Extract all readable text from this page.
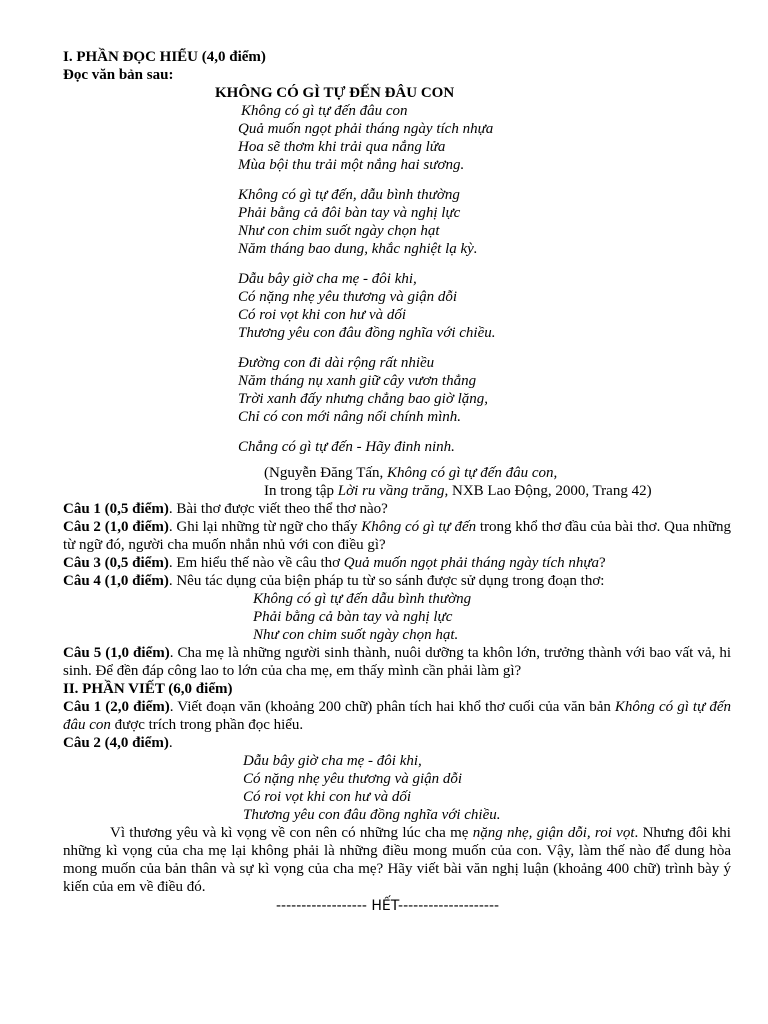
I. PHẦN ĐỌC HIỂU (4,0 điểm)
Đọc văn bản sau:
KHÔNG CÓ GÌ TỰ ĐẾN ĐÂU CON
Không có gì tự đến đâu con
Quả muốn ngọt phải tháng ngày tích nhựa
Hoa sẽ thơm khi trải qua nắng lửa
Mùa bội thu trải một nắng hai sương.
Không có gì tự đến, dẫu bình thường
Phải bằng cả đôi bàn tay và nghị lực
Như con chim suốt ngày chọn hạt
Năm tháng bao dung, khắc nghiệt lạ kỳ.
Dẫu bây giờ cha mẹ - đôi khi,
Có nặng nhẹ yêu thương và giận dỗi
Có roi vọt khi con hư và dối
Thương yêu con đâu đồng nghĩa với chiều.
Đường con đi dài rộng rất nhiều
Năm tháng nụ xanh giữ cây vươn thẳng
Trời xanh đấy nhưng chẳng bao giờ lặng,
Chỉ có con mới nâng nổi chính mình.
Chẳng có gì tự đến - Hãy đinh ninh.
(Nguyễn Đăng Tấn, Không có gì tự đến đâu con,
In trong tập Lời ru vầng trăng, NXB Lao Động, 2000, Trang 42)
Câu 1 (0,5 điểm). Bài thơ được viết theo thể thơ nào?
Câu 2 (1,0 điểm). Ghi lại những từ ngữ cho thấy Không có gì tự đến trong khổ thơ đầu của bài thơ. Qua những từ ngữ đó, người cha muốn nhắn nhủ với con điều gì?
Câu 3 (0,5 điểm). Em hiểu thế nào về câu thơ Quả muốn ngọt phải tháng ngày tích nhựa?
Câu 4 (1,0 điểm). Nêu tác dụng của biện pháp tu từ so sánh được sử dụng trong đoạn thơ:
Không có gì tự đến dẫu bình thường
Phải bằng cả bàn tay và nghị lực
Như con chim suốt ngày chọn hạt.
Câu 5 (1,0 điểm). Cha mẹ là những người sinh thành, nuôi dưỡng ta khôn lớn, trưởng thành với bao vất vả, hi sinh. Để đền đáp công lao to lớn của cha mẹ, em thấy mình cần phải làm gì?
II. PHẦN VIẾT (6,0 điểm)
Câu 1 (2,0 điểm). Viết đoạn văn (khoảng 200 chữ) phân tích hai khổ thơ cuối của văn bản Không có gì tự đến đâu con được trích trong phần đọc hiểu.
Câu 2 (4,0 điểm).
Dẫu bây giờ cha mẹ - đôi khi,
Có nặng nhẹ yêu thương và giận dỗi
Có roi vọt khi con hư và dối
Thương yêu con đâu đồng nghĩa với chiều.
Vì thương yêu và kì vọng về con nên có những lúc cha mẹ nặng nhẹ, giận dỗi, roi vọt. Nhưng đôi khi những kì vọng của cha mẹ lại không phải là những điều mong muốn của con. Vậy, làm thế nào để dung hòa mong muốn của bản thân và sự kì vọng của cha mẹ? Hãy viết bài văn nghị luận (khoảng 400 chữ) trình bày ý kiến của em về điều đó.
------------------ HẾT--------------------
